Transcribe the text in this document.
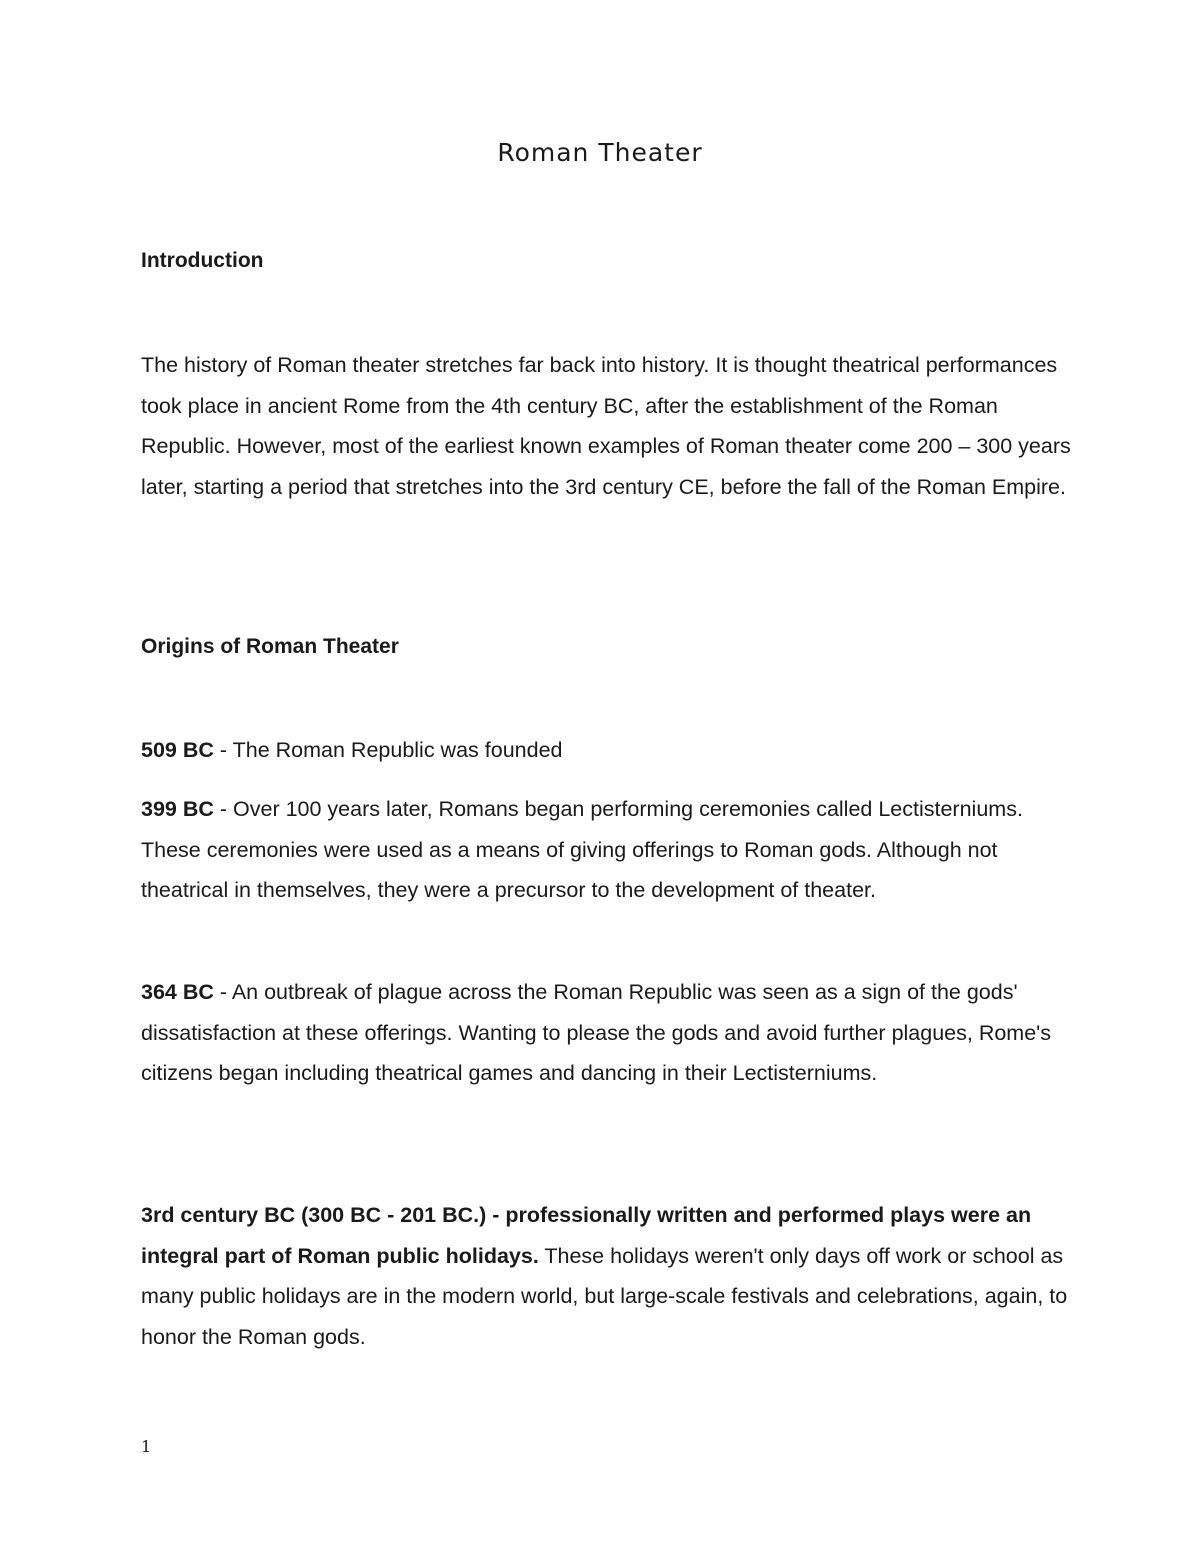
Roman Theater
Introduction

The history of Roman theater stretches far back into history. It is thought theatrical performances took place in ancient Rome from the 4th century BC, after the establishment of the Roman Republic. However, most of the earliest known examples of Roman theater come 200 – 300 years later, starting a period that stretches into the 3rd century CE, before the fall of the Roman Empire.

Origins of Roman Theater

509 BC - The Roman Republic was founded

399 BC - Over 100 years later, Romans began performing ceremonies called Lectisterniums. These ceremonies were used as a means of giving offerings to Roman gods. Although not theatrical in themselves, they were a precursor to the development of theater.

364 BC - An outbreak of plague across the Roman Republic was seen as a sign of the gods' dissatisfaction at these offerings. Wanting to please the gods and avoid further plagues, Rome's citizens began including theatrical games and dancing in their Lectisterniums.

3rd century BC (300 BC - 201 BC.) - professionally written and performed plays were an integral part of Roman public holidays. These holidays weren't only days off work or school as many public holidays are in the modern world, but large-scale festivals and celebrations, again, to honor the Roman gods.

1
